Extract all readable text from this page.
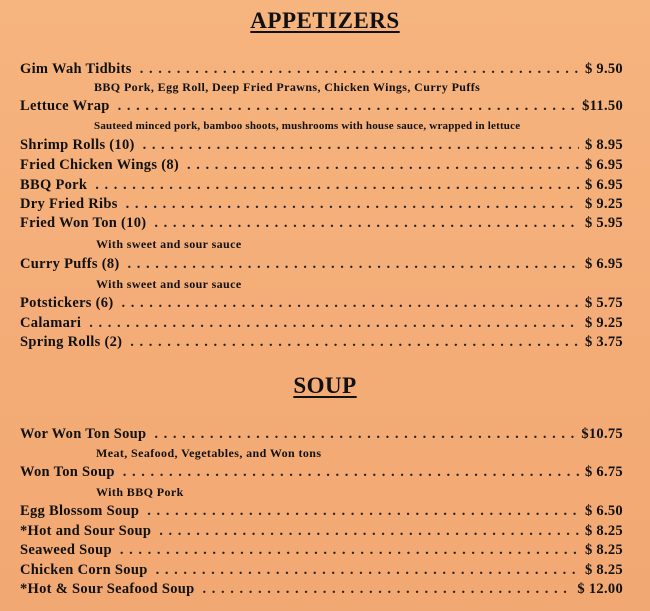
APPETIZERS
Gim Wah Tidbits . . .	$ 9.50
BBQ Pork, Egg Roll, Deep Fried Prawns, Chicken Wings, Curry Puffs
Lettuce Wrap . . .	$11.50
Sauteed minced pork, bamboo shoots, mushrooms with house sauce, wrapped in lettuce
Shrimp Rolls (10) . . .	$ 8.95
Fried Chicken Wings (8) . . .	$ 6.95
BBQ Pork . . .	$ 6.95
Dry Fried Ribs . . .	$ 9.25
Fried Won Ton (10) . . .	$ 5.95
With sweet and sour sauce
Curry Puffs (8) . . .	$ 6.95
With sweet and sour sauce
Potstickers (6) . . .	$ 5.75
Calamari . . .	$ 9.25
Spring Rolls (2) . . .	$ 3.75
SOUP
Wor Won Ton Soup . . .	$10.75
Meat, Seafood, Vegetables, and Won tons
Won Ton Soup . . .	$ 6.75
With BBQ Pork
Egg Blossom Soup . . .	$ 6.50
*Hot and Sour Soup . . .	$ 8.25
Seaweed Soup . . .	$ 8.25
Chicken Corn Soup . . .	$ 8.25
*Hot & Sour Seafood Soup . . .	$ 12.00
